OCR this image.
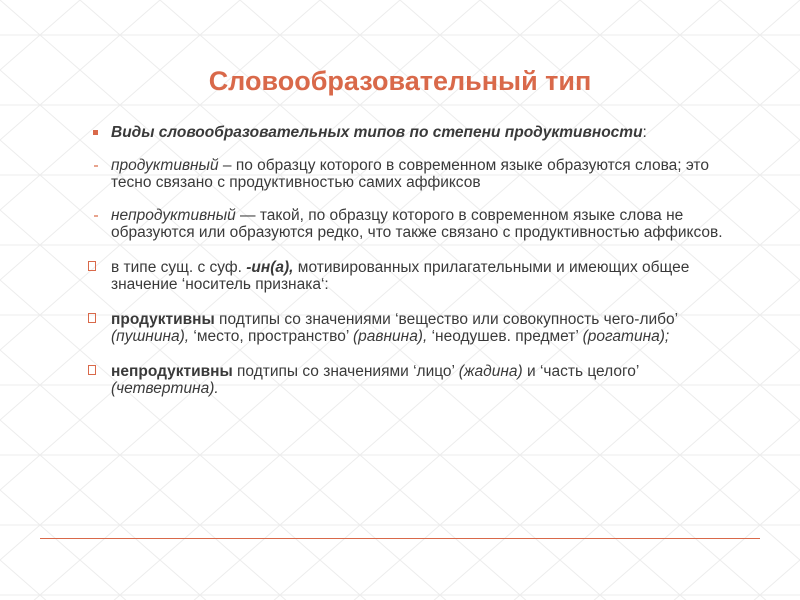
Словообразовательный тип
Виды словообразовательных типов по степени продуктивности:
продуктивный – по образцу которого в современном языке образуются слова; это тесно связано с продуктивностью самих аффиксов
непродуктивный — такой, по образцу которого в современном языке слова не образуются или образуются редко, что также связано с продуктивностью аффиксов.
в типе сущ. с суф. -ин(а), мотивированных прилагательными и имеющих общее значение ‘носитель признака‘:
продуктивны подтипы со значениями ‘вещество или совокупность чего-либо’ (пушнина), ‘место, пространство’ (равнина), ‘неодушев. предмет’ (рогатина);
непродуктивны подтипы со значениями ‘лицо’ (жадина) и ‘часть целого’ (четвертина).
